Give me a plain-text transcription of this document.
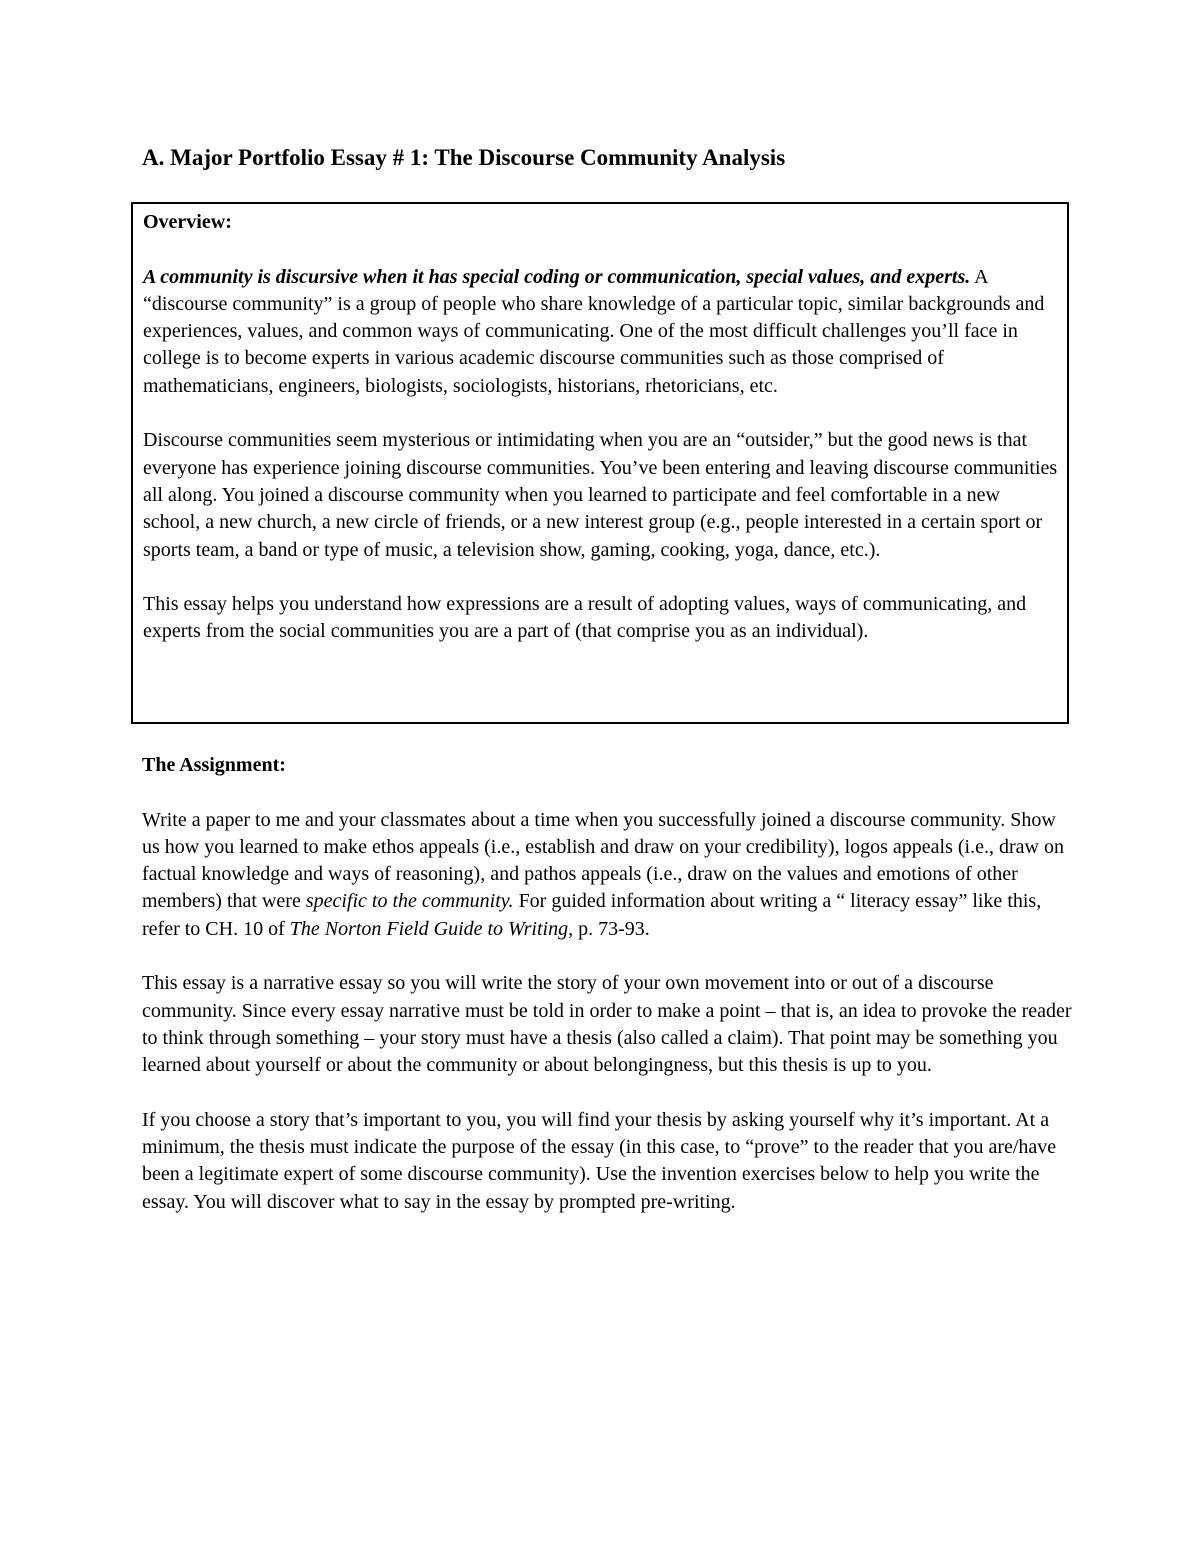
A. Major Portfolio Essay # 1: The Discourse Community Analysis

Overview:

A community is discursive when it has special coding or communication, special values, and experts. A “discourse community” is a group of people who share knowledge of a particular topic, similar backgrounds and experiences, values, and common ways of communicating. One of the most difficult challenges you’ll face in college is to become experts in various academic discourse communities such as those comprised of mathematicians, engineers, biologists, sociologists, historians, rhetoricians, etc.

Discourse communities seem mysterious or intimidating when you are an “outsider,” but the good news is that everyone has experience joining discourse communities. You’ve been entering and leaving discourse communities all along. You joined a discourse community when you learned to participate and feel comfortable in a new school, a new church, a new circle of friends, or a new interest group (e.g., people interested in a certain sport or sports team, a band or type of music, a television show, gaming, cooking, yoga, dance, etc.).

This essay helps you understand how expressions are a result of adopting values, ways of communicating, and experts from the social communities you are a part of (that comprise you as an individual).

The Assignment:

Write a paper to me and your classmates about a time when you successfully joined a discourse community. Show us how you learned to make ethos appeals (i.e., establish and draw on your credibility), logos appeals (i.e., draw on factual knowledge and ways of reasoning), and pathos appeals (i.e., draw on the values and emotions of other members) that were specific to the community. For guided information about writing a “ literacy essay” like this, refer to CH. 10 of The Norton Field Guide to Writing, p. 73-93.

This essay is a narrative essay so you will write the story of your own movement into or out of a discourse community. Since every essay narrative must be told in order to make a point – that is, an idea to provoke the reader to think through something – your story must have a thesis (also called a claim). That point may be something you learned about yourself or about the community or about belongingness, but this thesis is up to you.

If you choose a story that’s important to you, you will find your thesis by asking yourself why it’s important. At a minimum, the thesis must indicate the purpose of the essay (in this case, to “prove” to the reader that you are/have been a legitimate expert of some discourse community). Use the invention exercises below to help you write the essay. You will discover what to say in the essay by prompted pre-writing.
